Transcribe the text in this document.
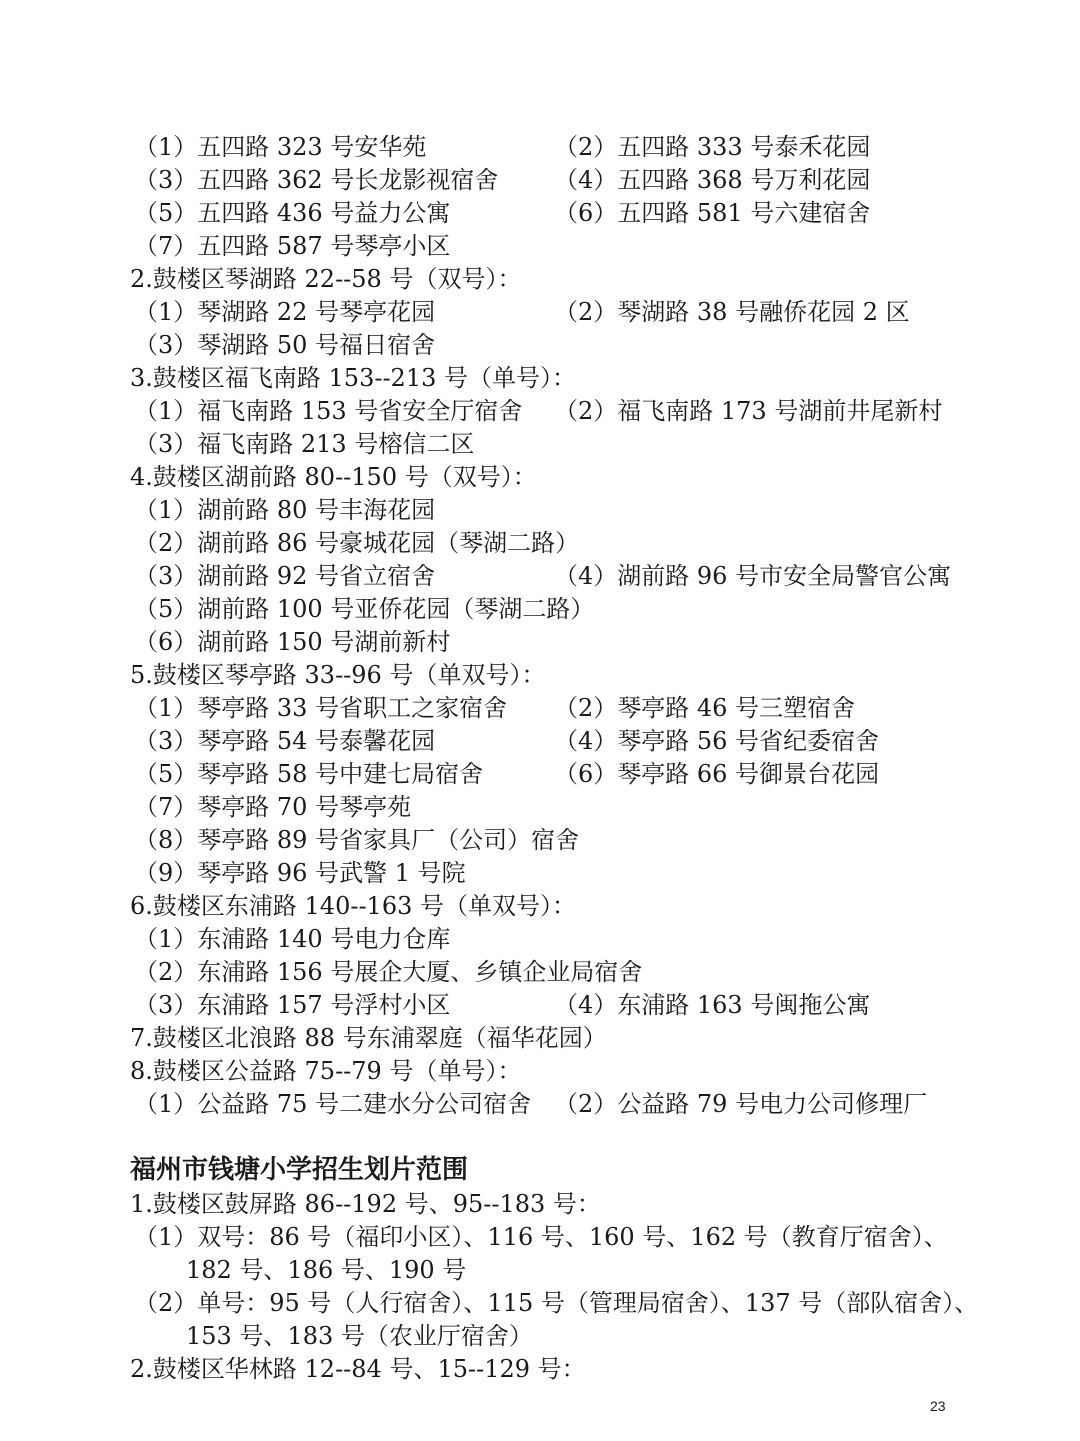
（1）五四路 323 号安华苑	（2）五四路 333 号泰禾花园
（3）五四路 362 号长龙影视宿舍 （4）五四路 368 号万利花园
（5）五四路 436 号益力公寓	（6）五四路 581 号六建宿舍
（7）五四路 587 号琴亭小区
2.鼓楼区琴湖路 22--58 号（双号）：
（1）琴湖路 22 号琴亭花园	（2）琴湖路 38 号融侨花园 2 区
（3）琴湖路 50 号福日宿舍
3.鼓楼区福飞南路 153--213 号（单号）：
（1）福飞南路 153 号省安全厅宿舍 （2）福飞南路 173 号湖前井尾新村
（3）福飞南路 213 号榕信二区
4.鼓楼区湖前路 80--150 号（双号）：
（1）湖前路 80 号丰海花园
（2）湖前路 86 号豪城花园（琴湖二路）
（3）湖前路 92 号省立宿舍	（4）湖前路 96 号市安全局警官公寓
（5）湖前路 100 号亚侨花园（琴湖二路）
（6）湖前路 150 号湖前新村
5.鼓楼区琴亭路 33--96 号（单双号）：
（1）琴亭路 33 号省职工之家宿舍 （2）琴亭路 46 号三塑宿舍
（3）琴亭路 54 号泰馨花园	（4）琴亭路 56 号省纪委宿舍
（5）琴亭路 58 号中建七局宿舍	（6）琴亭路 66 号御景台花园
（7）琴亭路 70 号琴亭苑
（8）琴亭路 89 号省家具厂（公司）宿舍
（9）琴亭路 96 号武警 1 号院
6.鼓楼区东浦路 140--163 号（单双号）：
（1）东浦路 140 号电力仓库
（2）东浦路 156 号展企大厦、乡镇企业局宿舍
（3）东浦路 157 号浮村小区	（4）东浦路 163 号闽拖公寓
7.鼓楼区北浪路 88 号东浦翠庭（福华花园）
8.鼓楼区公益路 75--79 号（单号）：
（1）公益路 75 号二建水分公司宿舍 （2）公益路 79 号电力公司修理厂
福州市钱塘小学招生划片范围
1.鼓楼区鼓屏路 86--192 号、95--183 号：
（1）双号：86 号（福印小区）、116 号、160 号、162 号（教育厅宿舍）、
182 号、186 号、190 号
（2）单号：95 号（人行宿舍）、115 号（管理局宿舍）、137 号（部队宿舍）、
153 号、183 号（农业厅宿舍）
2.鼓楼区华林路 12--84 号、15--129 号：
23
